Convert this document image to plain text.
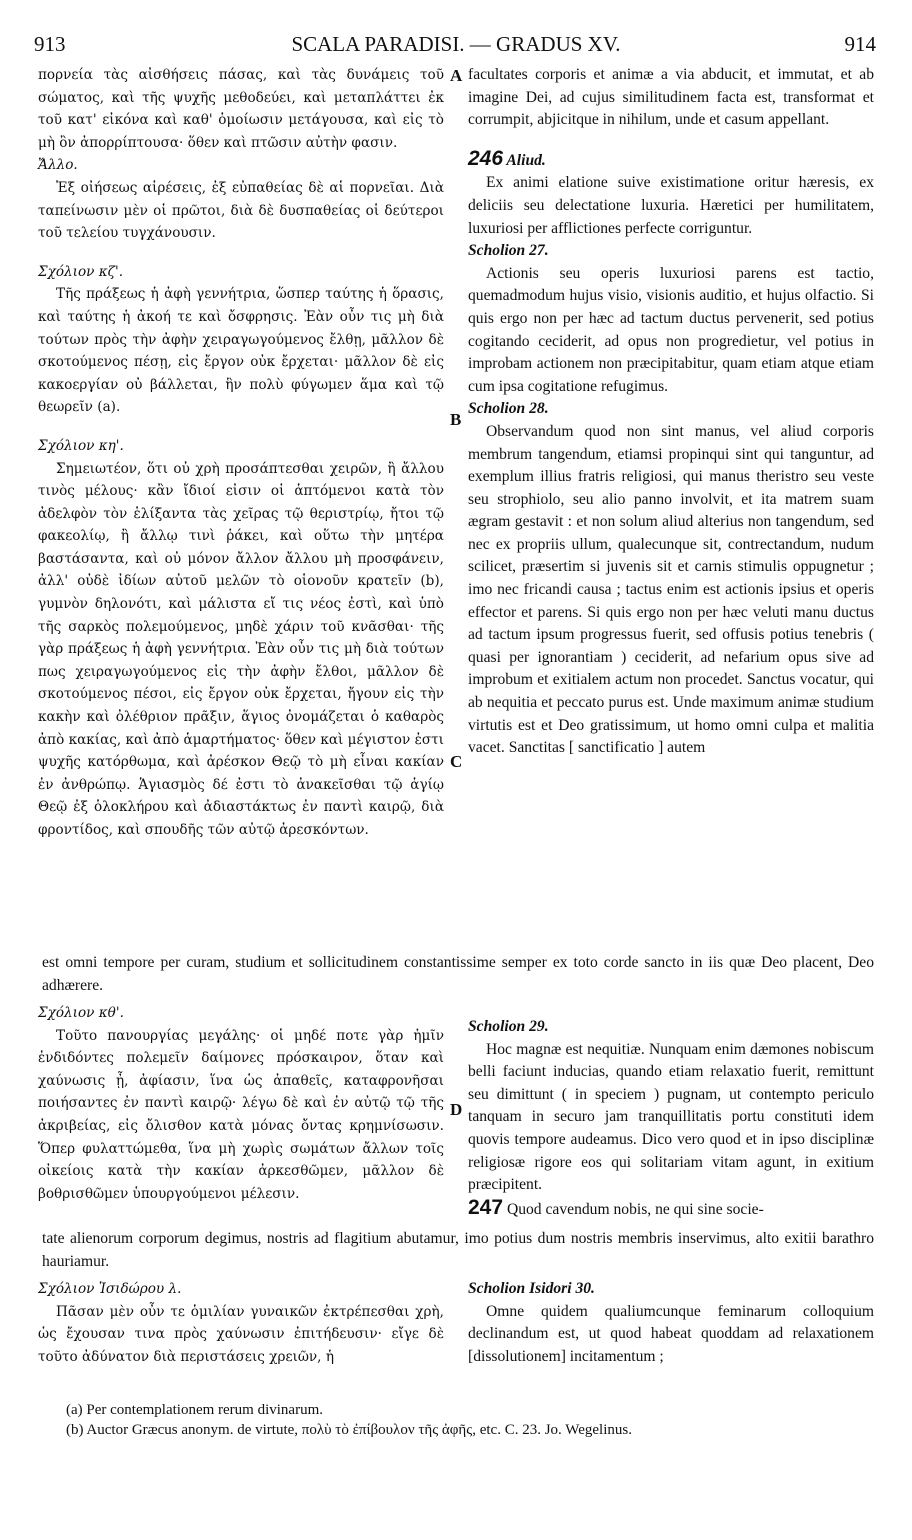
913	SCALA PARADISI. — GRADUS XV.	914
A
B
C
D

πορνεία τὰς αἰσθήσεις πάσας, καὶ τὰς δυνάμεις τοῦ σώματος, καὶ τῆς ψυχῆς μεθοδεύει, καὶ μεταπλάττει ἐκ τοῦ κατ' εἰκόνα καὶ καθ' ὁμοίωσιν μετάγουσα, καὶ εἰς τὸ μὴ ὂν ἀπορρίπτουσα· ὅθεν καὶ πτῶσιν αὐτὴν φασιν.

Ἄλλο.

Ἐξ οἰήσεως αἱρέσεις, ἐξ εὐπαθείας δὲ αἱ πορνεῖαι. Διὰ ταπείνωσιν μὲν οἱ πρῶτοι, διὰ δὲ δυσπαθείας οἱ δεύτεροι τοῦ τελείου τυγχάνουσιν.

Σχόλιον κζ'.

Τῆς πράξεως ἡ ἀφὴ γεννήτρια, ὥσπερ ταύτης ἡ ὅρασις, καὶ ταύτης ἡ ἀκοή τε καὶ ὄσφρησις. Ἐὰν οὖν τις μὴ διὰ τούτων πρὸς τὴν ἀφὴν χειραγωγούμενος ἔλθῃ, μᾶλλον δὲ σκοτούμενος πέσῃ, εἰς ἔργον οὐκ ἔρχεται· μᾶλλον δὲ εἰς κακοεργίαν οὐ βάλλεται, ἣν πολὺ φύγωμεν ἅμα καὶ τῷ θεωρεῖν (a).

Σχόλιον κη'.

Σημειωτέον, ὅτι οὐ χρὴ προσάπτεσθαι χειρῶν, ἢ ἄλλου τινὸς μέλους· κἂν ἴδιοί εἰσιν οἱ ἁπτόμενοι κατὰ τὸν ἀδελφὸν τὸν ἑλίξαντα τὰς χεῖρας τῷ θεριστρίῳ, ἤτοι τῷ φακεολίῳ, ἢ ἄλλῳ τινὶ ῥάκει, καὶ οὕτω τὴν μητέρα βαστάσαντα, καὶ οὐ μόνον ἄλλον ἄλλου μὴ προσφάνειν, ἀλλ' οὐδὲ ἰδίων αὐτοῦ μελῶν τὸ οἱονοῦν κρατεῖν (b), γυμνὸν δηλονότι, καὶ μάλιστα εἴ τις νέος ἐστὶ, καὶ ὑπὸ τῆς σαρκὸς πολεμούμενος, μηδὲ χάριν τοῦ κνᾶσθαι· τῆς γὰρ πράξεως ἡ ἀφὴ γεννήτρια. Ἐὰν οὖν τις μὴ διὰ τούτων πως χειραγωγούμενος εἰς τὴν ἀφὴν ἔλθοι, μᾶλλον δὲ σκοτούμενος πέσοι, εἰς ἔργον οὐκ ἔρχεται, ἤγουν εἰς τὴν κακὴν καὶ ὀλέθριον πρᾶξιν, ἅγιος ὀνομάζεται ὁ καθαρὸς ἀπὸ κακίας, καὶ ἀπὸ ἁμαρτήματος· ὅθεν καὶ μέγιστον ἐστι ψυχῆς κατόρθωμα, καὶ ἀρέσκον Θεῷ τὸ μὴ εἶναι κακίαν ἐν ἀνθρώπῳ. Ἁγιασμὸς δέ ἐστι τὸ ἀνακεῖσθαι τῷ ἁγίῳ Θεῷ ἐξ ὁλοκλήρου καὶ ἀδιαστάκτως ἐν παντὶ καιρῷ, διὰ φροντίδος, καὶ σπουδῆς τῶν αὐτῷ ἀρεσκόντων.

facultates corporis et animæ a via abducit, et immutat, et ab imagine Dei, ad cujus similitudinem facta est, transformat et corrumpit, abjicitque in nihilum, unde et casum appellant.

246 Aliud.

Ex animi elatione suive existimatione oritur hæresis, ex deliciis seu delectatione luxuria. Hæretici per humilitatem, luxuriosi per afflictiones perfecte corriguntur.

Scholion 27.

Actionis seu operis luxuriosi parens est tactio, quemadmodum hujus visio, visionis auditio, et hujus olfactio. Si quis ergo non per hæc ad tactum ductus pervenerit, sed potius cogitando ceciderit, ad opus non progredietur, vel potius in improbam actionem non præcipitabitur, quam etiam atque etiam cum ipsa cogitatione refugimus.

Scholion 28.

Observandum quod non sint manus, vel aliud corporis membrum tangendum, etiamsi propinqui sint qui tanguntur, ad exemplum illius fratris religiosi, qui manus theristro seu veste seu strophiolo, seu alio panno involvit, et ita matrem suam ægram gestavit : et non solum aliud alterius non tangendum, sed nec ex propriis ullum, qualecunque sit, contrectandum, nudum scilicet, præsertim si juvenis sit et carnis stimulis oppugnetur ; imo nec fricandi causa ; tactus enim est actionis ipsius et operis effector et parens. Si quis ergo non per hæc veluti manu ductus ad tactum ipsum progressus fuerit, sed offusis potius tenebris ( quasi per ignorantiam ) ceciderit, ad nefarium opus sive ad improbum et exitialem actum non procedet. Sanctus vocatur, qui ab nequitia et peccato purus est. Unde maximum animæ studium virtutis est et Deo gratissimum, ut homo omni culpa et malitia vacet. Sanctitas [ sanctificatio ] autem

est omni tempore per curam, studium et sollicitudinem constantissime semper ex toto corde sancto in iis quæ Deo placent, Deo adhærere.

Σχόλιον κθ'.

Τοῦτο πανουργίας μεγάλης· οἱ μηδέ ποτε γὰρ ἡμῖν ἐνδιδόντες πολεμεῖν δαίμονες πρόσκαιρον, ὅταν καὶ χαύνωσις ᾖ, ἀφίασιν, ἵνα ὡς ἀπαθεῖς, καταφρονῆσαι ποιήσαντες ἐν παντὶ καιρῷ· λέγω δὲ καὶ ἐν αὐτῷ τῷ τῆς ἀκριβείας, εἰς ὄλισθον κατὰ μόνας ὄντας κρημνίσωσιν. Ὅπερ φυλαττώμεθα, ἵνα μὴ χωρὶς σωμάτων ἄλλων τοῖς οἰκείοις κατὰ τὴν κακίαν ἀρκεσθῶμεν, μᾶλλον δὲ βοθρισθῶμεν ὑπουργούμενοι μέλεσιν.

Scholion 29.

Hoc magnæ est nequitiæ. Nunquam enim dæmones nobiscum belli faciunt inducias, quando etiam relaxatio fuerit, remittunt seu dimittunt ( in speciem ) pugnam, ut contempto periculo tanquam in securo jam tranquillitatis portu constituti idem quovis tempore audeamus. Dico vero quod et in ipso disciplinæ religiosæ rigore eos qui solitariam vitam agunt, in exitium præcipitent.

247 Quod cavendum nobis, ne qui sine socie-

tate alienorum corporum degimus, nostris ad flagitium abutamur, imo potius dum nostris membris inservimus, alto exitii barathro hauriamur.

Σχόλιον Ἰσιδώρου λ.

Πᾶσαν μὲν οὖν τε ὁμιλίαν γυναικῶν ἐκτρέπεσθαι χρὴ, ὡς ἔχουσαν τινα πρὸς χαύνωσιν ἐπιτήδευσιν· εἴγε δὲ τοῦτο ἀδύνατον διὰ περιστάσεις χρειῶν, ἡ

Scholion Isidori 30.

Omne quidem qualiumcunque feminarum colloquium declinandum est, ut quod habeat quoddam ad relaxationem [dissolutionem] incitamentum ;

(a) Per contemplationem rerum divinarum.
(b) Auctor Græcus anonym. de virtute, πολὺ τὸ ἐπίβουλον τῆς ἀφῆς, etc. C. 23. Jo. Wegelinus.
